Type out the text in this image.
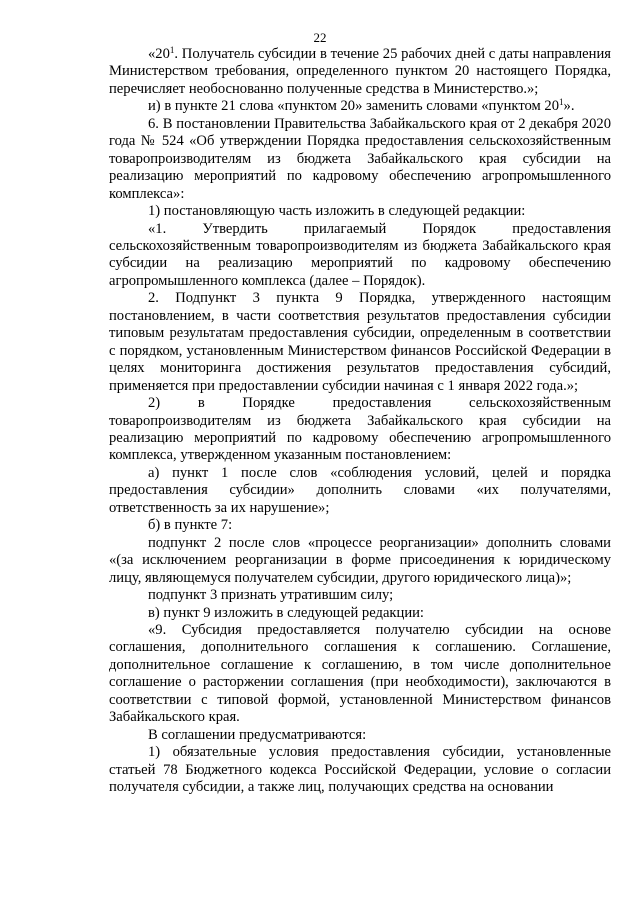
22

«$20^1$. Получатель субсидии в течение 25 рабочих дней с даты направления Министерством требования, определенного пунктом 20 настоящего Порядка, перечисляет необоснованно полученные средства в Министерство.»;

и) в пункте 21 слова «пунктом 20» заменить словами «пунктом $20^1$».

6. В постановлении Правительства Забайкальского края от 2 декабря 2020 года № 524 «Об утверждении Порядка предоставления сельскохозяйственным товаропроизводителям из бюджета Забайкальского края субсидии на реализацию мероприятий по кадровому обеспечению агропромышленного комплекса»:

1) постановляющую часть изложить в следующей редакции:

«1. Утвердить прилагаемый Порядок предоставления сельскохозяйственным товаропроизводителям из бюджета Забайкальского края субсидии на реализацию мероприятий по кадровому обеспечению агропромышленного комплекса (далее – Порядок).

2. Подпункт 3 пункта 9 Порядка, утвержденного настоящим постановлением, в части соответствия результатов предоставления субсидии типовым результатам предоставления субсидии, определенным в соответствии с порядком, установленным Министерством финансов Российской Федерации в целях мониторинга достижения результатов предоставления субсидий, применяется при предоставлении субсидии начиная с 1 января 2022 года.»;

2) в Порядке предоставления сельскохозяйственным товаропроизводителям из бюджета Забайкальского края субсидии на реализацию мероприятий по кадровому обеспечению агропромышленного комплекса, утвержденном указанным постановлением:

а) пункт 1 после слов «соблюдения условий, целей и порядка предоставления субсидии» дополнить словами «их получателями, ответственность за их нарушение»;

б) в пункте 7:

подпункт 2 после слов «процессе реорганизации» дополнить словами «(за исключением реорганизации в форме присоединения к юридическому лицу, являющемуся получателем субсидии, другого юридического лица)»;

подпункт 3 признать утратившим силу;

в) пункт 9 изложить в следующей редакции:

«9. Субсидия предоставляется получателю субсидии на основе соглашения, дополнительного соглашения к соглашению. Соглашение, дополнительное соглашение к соглашению, в том числе дополнительное соглашение о расторжении соглашения (при необходимости), заключаются в соответствии с типовой формой, установленной Министерством финансов Забайкальского края.

В соглашении предусматриваются:

1) обязательные условия предоставления субсидии, установленные статьей 78 Бюджетного кодекса Российской Федерации, условие о согласии получателя субсидии, а также лиц, получающих средства на основании
